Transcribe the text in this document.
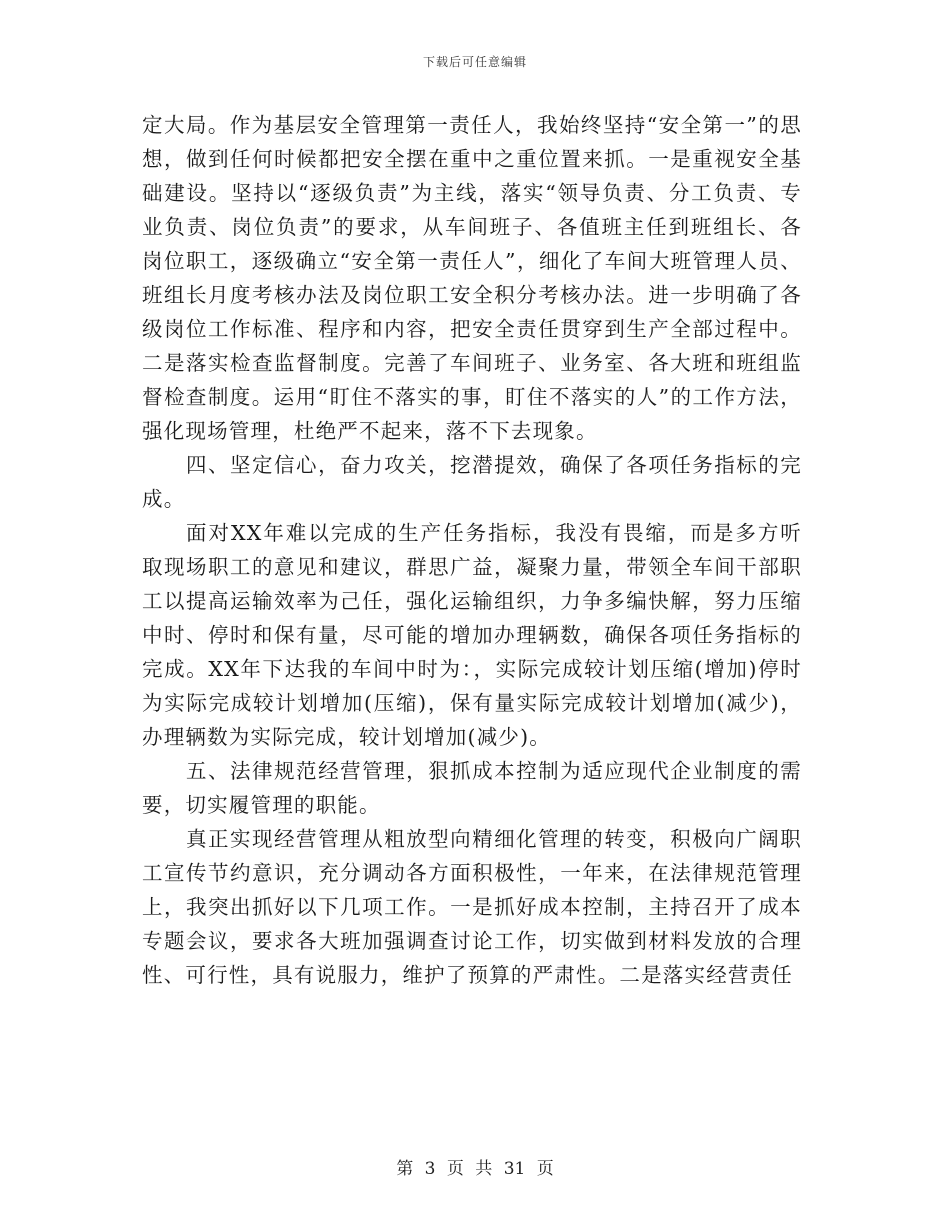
下载后可任意编辑

定大局。作为基层安全管理第一责任人，我始终坚持“安全第一”的思想，做到任何时候都把安全摆在重中之重位置来抓。一是重视安全基础建设。坚持以“逐级负责”为主线，落实“领导负责、分工负责、专业负责、岗位负责”的要求，从车间班子、各值班主任到班组长、各岗位职工，逐级确立“安全第一责任人”，细化了车间大班管理人员、班组长月度考核办法及岗位职工安全积分考核办法。进一步明确了各级岗位工作标准、程序和内容，把安全责任贯穿到生产全部过程中。二是落实检查监督制度。完善了车间班子、业务室、各大班和班组监督检查制度。运用“盯住不落实的事，盯住不落实的人”的工作方法，强化现场管理，杜绝严不起来，落不下去现象。

四、坚定信心，奋力攻关，挖潜提效，确保了各项任务指标的完成。

面对XX年难以完成的生产任务指标，我没有畏缩，而是多方听取现场职工的意见和建议，群思广益，凝聚力量，带领全车间干部职工以提高运输效率为己任，强化运输组织，力争多编快解，努力压缩中时、停时和保有量，尽可能的增加办理辆数，确保各项任务指标的完成。XX年下达我的车间中时为：，实际完成较计划压缩(增加)停时为实际完成较计划增加(压缩)，保有量实际完成较计划增加(减少)，办理辆数为实际完成，较计划增加(减少)。

五、法律规范经营管理，狠抓成本控制为适应现代企业制度的需要，切实履管理的职能。

真正实现经营管理从粗放型向精细化管理的转变，积极向广阔职工宣传节约意识，充分调动各方面积极性，一年来，在法律规范管理上，我突出抓好以下几项工作。一是抓好成本控制，主持召开了成本专题会议，要求各大班加强调查讨论工作，切实做到材料发放的合理性、可行性，具有说服力，维护了预算的严肃性。二是落实经营责任

第 3 页 共 31 页
